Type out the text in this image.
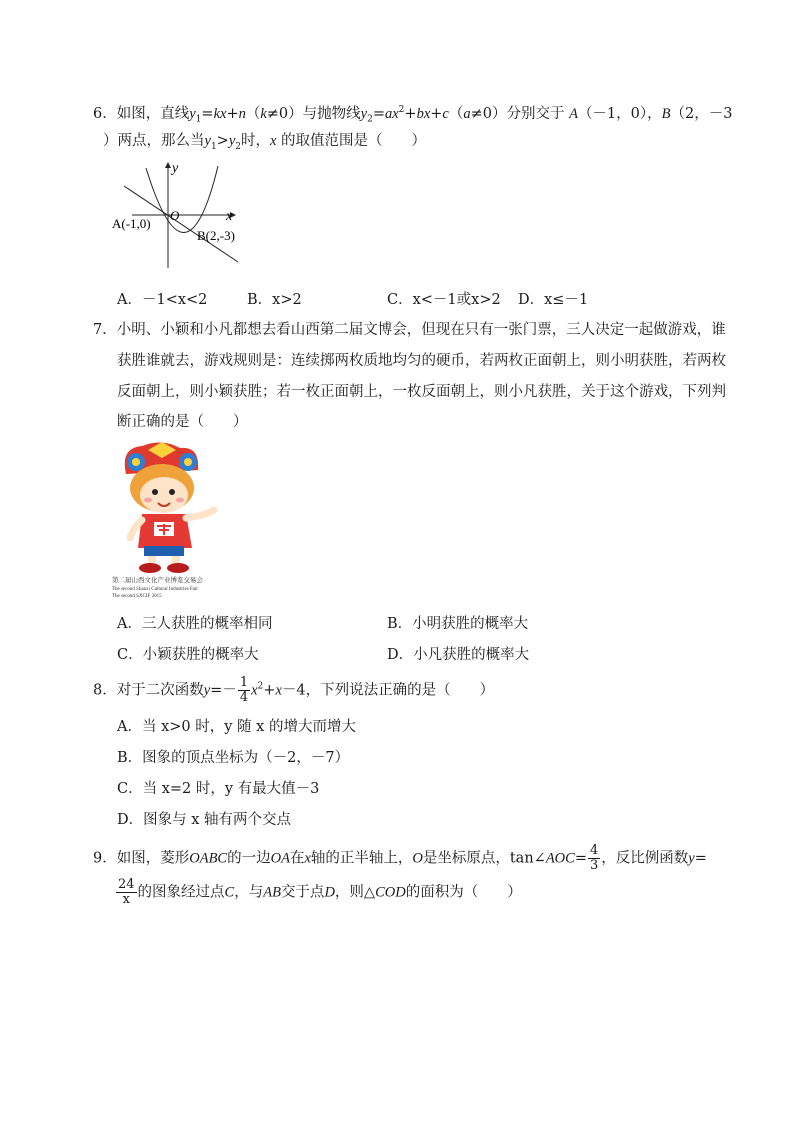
6．如图，直线$y_1=kx+n(k\ne 0)$与抛物线$y_2=ax^2+bx+c(a\ne 0)$分别交于 A（－1，0），B（2，－3
）两点，那么当$y_1>y_2$时，x 的取值范围是（　　）
y
x
O
A(-1,0)
B(2,-3)
A．－1<x<2	B．x>2	C．x<－1或x>2 D．x≤－1
7．小明、小颖和小凡都想去看山西第二届文博会，但现在只有一张门票，三人决定一起做游戏，谁
获胜谁就去，游戏规则是：连续掷两枚质地均匀的硬币，若两枚正面朝上，则小明获胜，若两枚
反面朝上，则小颖获胜；若一枚正面朝上，一枚反面朝上，则小凡获胜，关于这个游戏，下列判
断正确的是（　　）
第二届山西文化产业博览交易会
The second Shanxi Cultural Industries Fair
The second SXCIF 2015
A．三人获胜的概率相同	B．小明获胜的概率大
C．小颖获胜的概率大	D．小凡获胜的概率大
8．对于二次函数$y=- \frac{1}{4} x^2+x-4$，下列说法正确的是（　　）
A．当 x>0 时，y 随 x 的增大而增大
B．图象的顶点坐标为（－2，－7）
C．当 x=2 时，y 有最大值－3
D．图象与 x 轴有两个交点
9．如图，菱形OABC的一边OA在x轴的正半轴上，O是坐标原点，tan∠AOC= $\frac{4}{3}$ ，反比例函数y=
$\frac{24}{x}$ 的图象经过点C，与AB交于点D，则△COD的面积为（　　）
